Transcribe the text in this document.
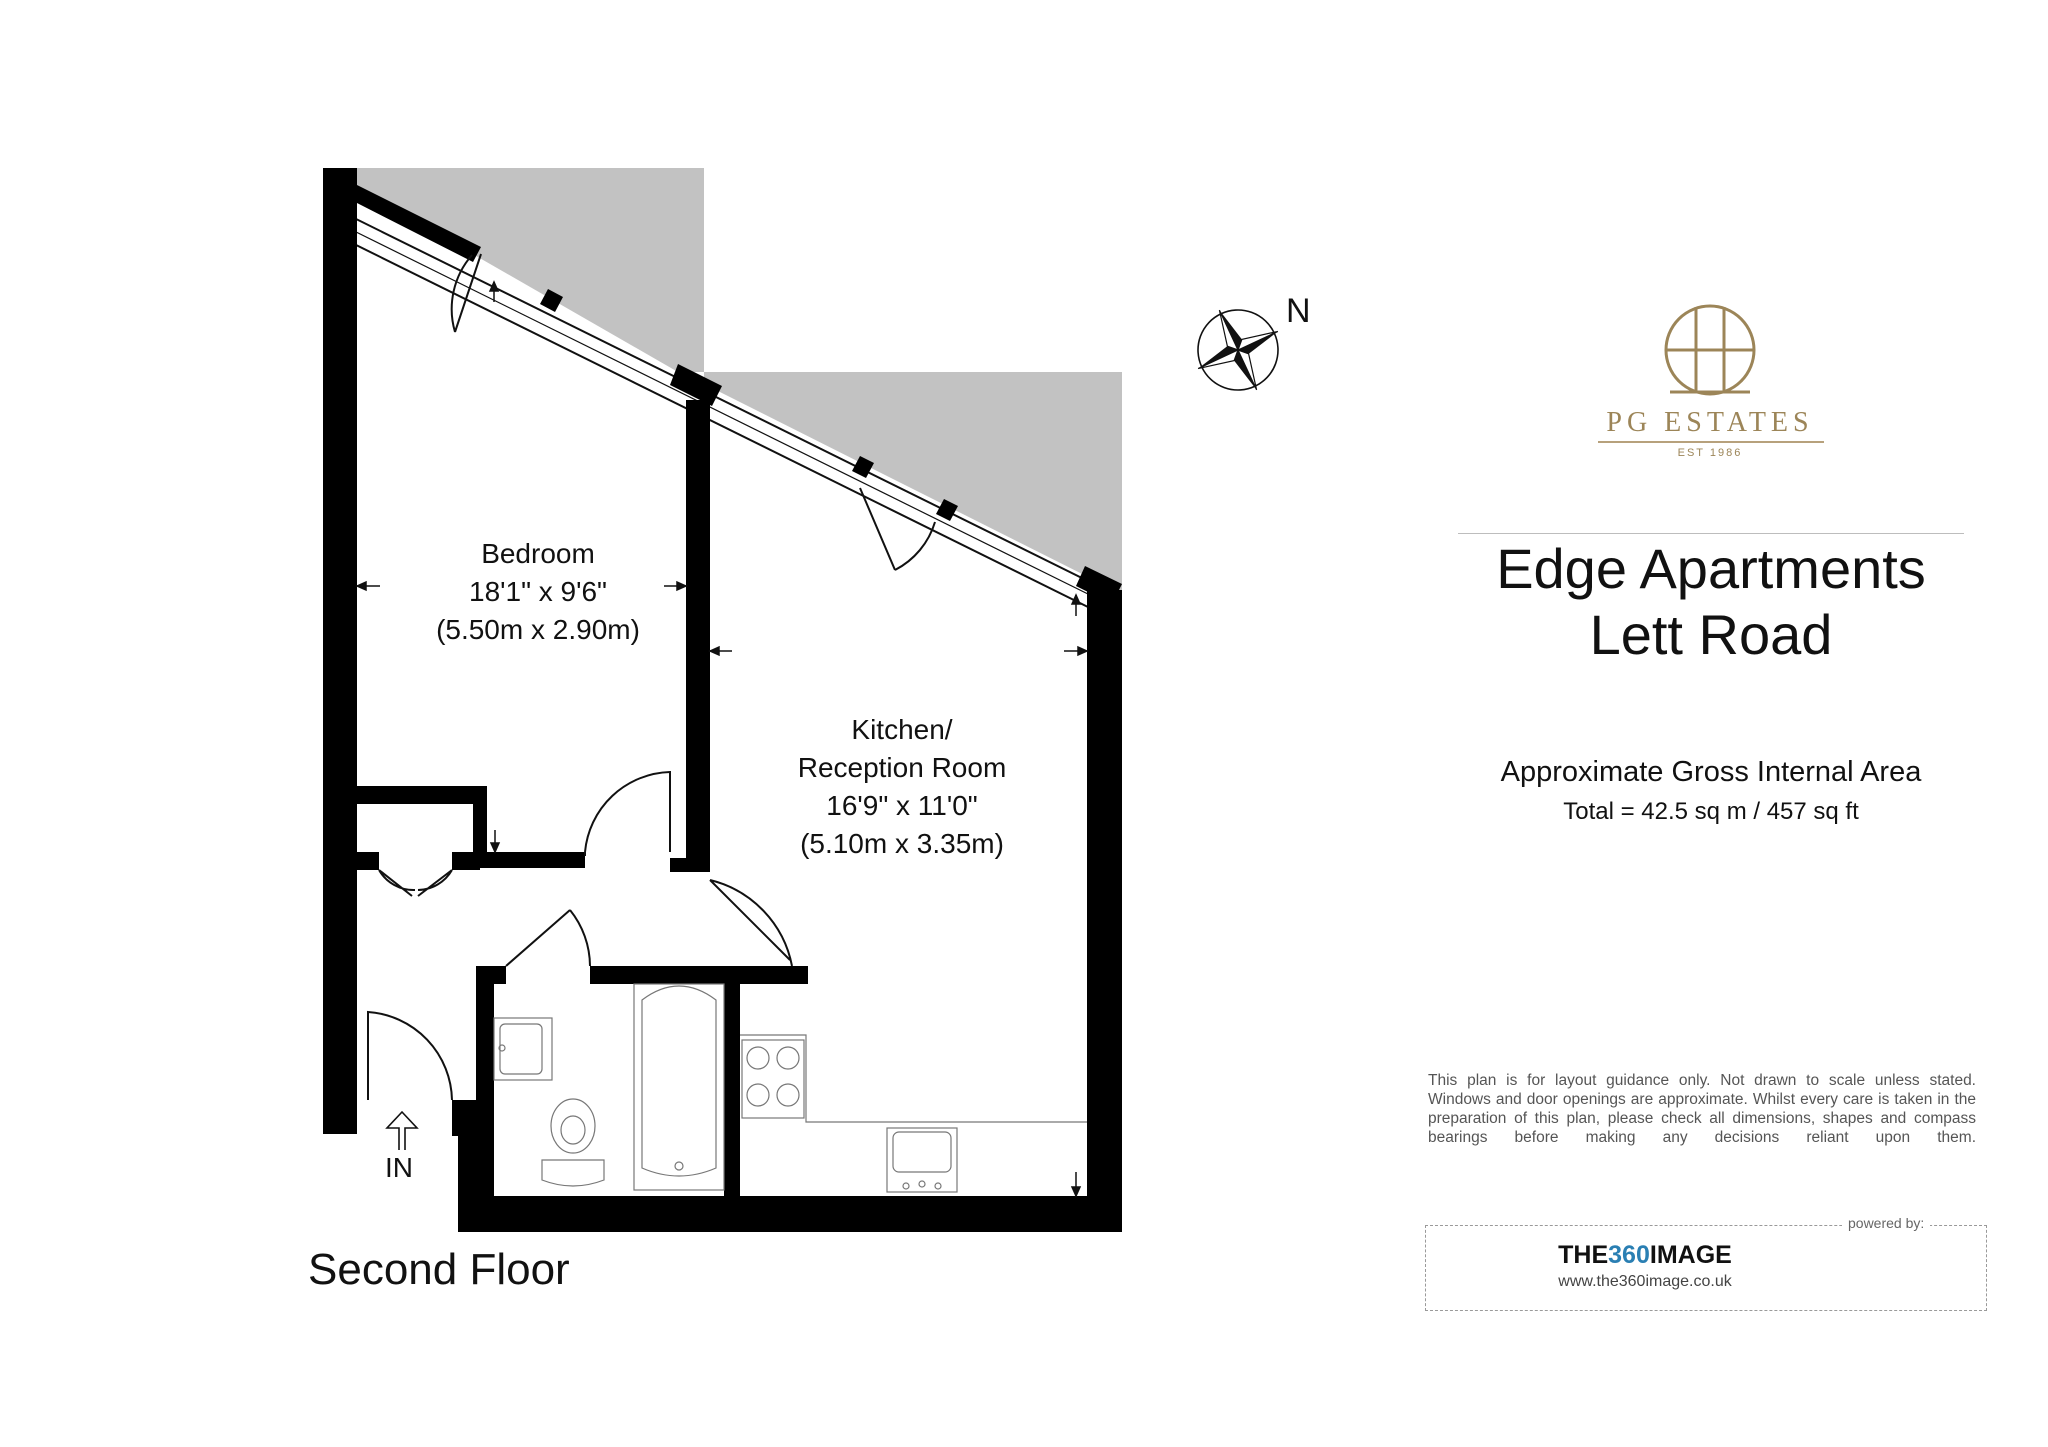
Bedroom
18'1" x 9'6"
(5.50m x 2.90m)
Kitchen/
Reception Room
16'9" x 11'0"
(5.10m x 3.35m)
IN
Second Floor
N
PG ESTATES
EST 1986
Edge Apartments
Lett Road
Approximate Gross Internal Area
Total = 42.5 sq m / 457 sq ft
This plan is for layout guidance only. Not drawn to scale unless stated. Windows and door openings are approximate. Whilst every care is taken in the preparation of this plan, please check all dimensions, shapes and compass bearings before making any decisions reliant upon them.
powered by:
THE360IMAGE
www.the360image.co.uk
